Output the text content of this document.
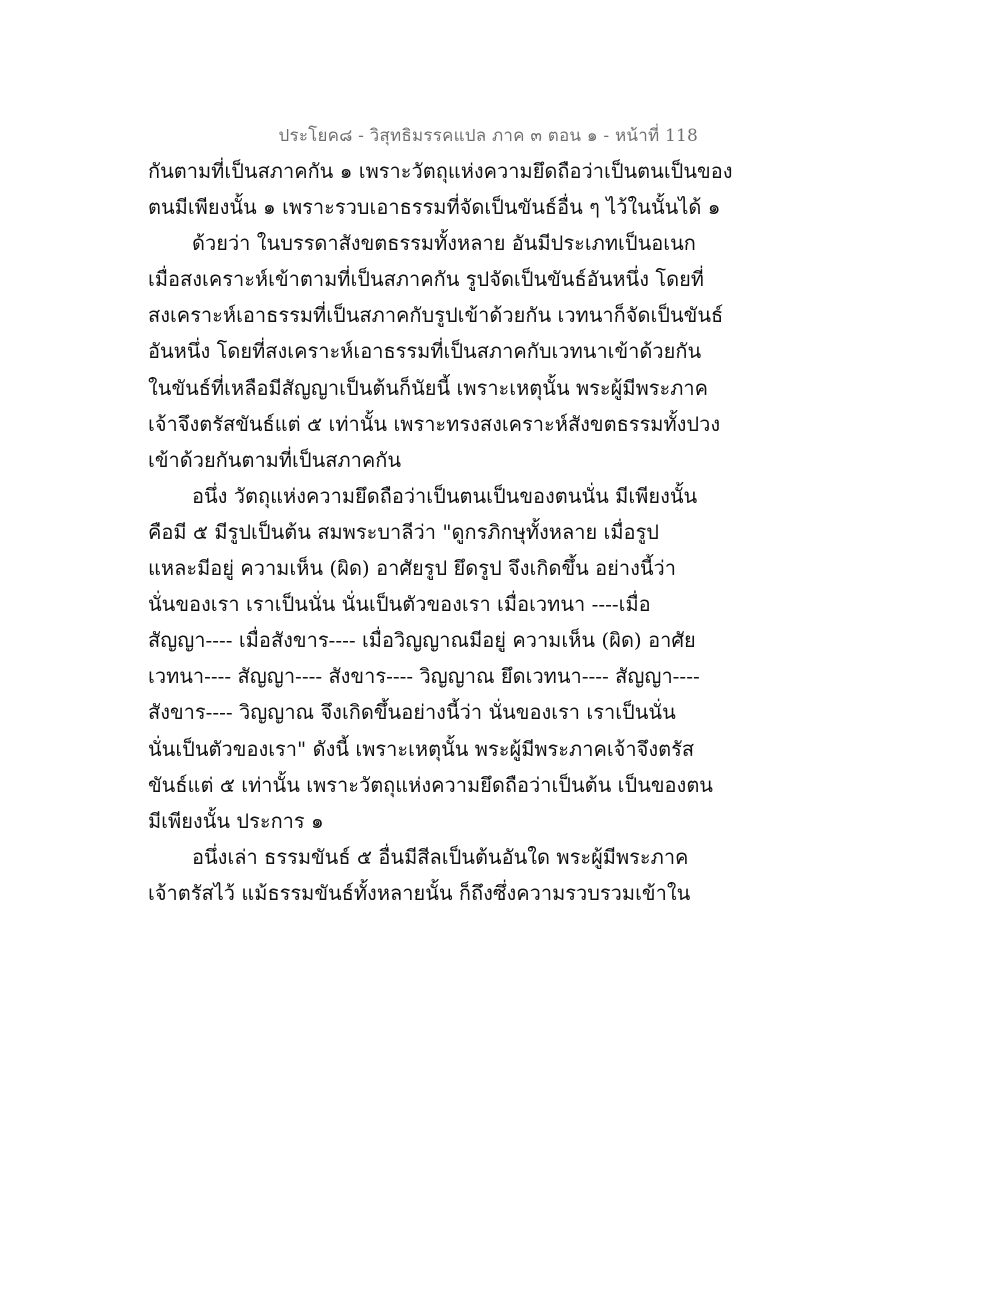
ประโยค๘ - วิสุทธิมรรคแปล ภาค ๓ ตอน ๑ - หน้าที่ 118
กันตามที่เป็นสภาคกัน ๑ เพราะวัตถุแห่งความยึดถือว่าเป็นตนเป็นของ
ตนมีเพียงนั้น ๑ เพราะรวบเอาธรรมที่จัดเป็นขันธ์อื่น ๆ ไว้ในนั้นได้ ๑
ด้วยว่า ในบรรดาสังขตธรรมทั้งหลาย อันมีประเภทเป็นอเนก
เมื่อสงเคราะห์เข้าตามที่เป็นสภาคกัน รูปจัดเป็นขันธ์อันหนึ่ง โดยที่
สงเคราะห์เอาธรรมที่เป็นสภาคกับรูปเข้าด้วยกัน เวทนาก็จัดเป็นขันธ์
อันหนึ่ง โดยที่สงเคราะห์เอาธรรมที่เป็นสภาคกับเวทนาเข้าด้วยกัน
ในขันธ์ที่เหลือมีสัญญาเป็นต้นก็นัยนี้ เพราะเหตุนั้น พระผู้มีพระภาค
เจ้าจึงตรัสขันธ์แต่ ๕ เท่านั้น เพราะทรงสงเคราะห์สังขตธรรมทั้งปวง
เข้าด้วยกันตามที่เป็นสภาคกัน
อนึ่ง วัตถุแห่งความยึดถือว่าเป็นตนเป็นของตนนั่น มีเพียงนั้น
คือมี ๕ มีรูปเป็นต้น สมพระบาลีว่า "ดูกรภิกษุทั้งหลาย เมื่อรูป
แหละมีอยู่ ความเห็น (ผิด) อาศัยรูป ยึดรูป จึงเกิดขึ้น อย่างนี้ว่า
นั่นของเรา เราเป็นนั่น นั่นเป็นตัวของเรา เมื่อเวทนา ----เมื่อ
สัญญา---- เมื่อสังขาร---- เมื่อวิญญาณมีอยู่ ความเห็น (ผิด) อาศัย
เวทนา---- สัญญา---- สังขาร---- วิญญาณ ยึดเวทนา---- สัญญา----
สังขาร---- วิญญาณ จึงเกิดขึ้นอย่างนี้ว่า นั่นของเรา เราเป็นนั่น
นั่นเป็นตัวของเรา" ดังนี้ เพราะเหตุนั้น พระผู้มีพระภาคเจ้าจึงตรัส
ขันธ์แต่ ๕ เท่านั้น เพราะวัตถุแห่งความยึดถือว่าเป็นต้น เป็นของตน
มีเพียงนั้น ประการ ๑
อนึ่งเล่า ธรรมขันธ์ ๕ อื่นมีสีลเป็นต้นอันใด พระผู้มีพระภาค
เจ้าตรัสไว้ แม้ธรรมขันธ์ทั้งหลายนั้น ก็ถึงซึ่งความรวบรวมเข้าใน
